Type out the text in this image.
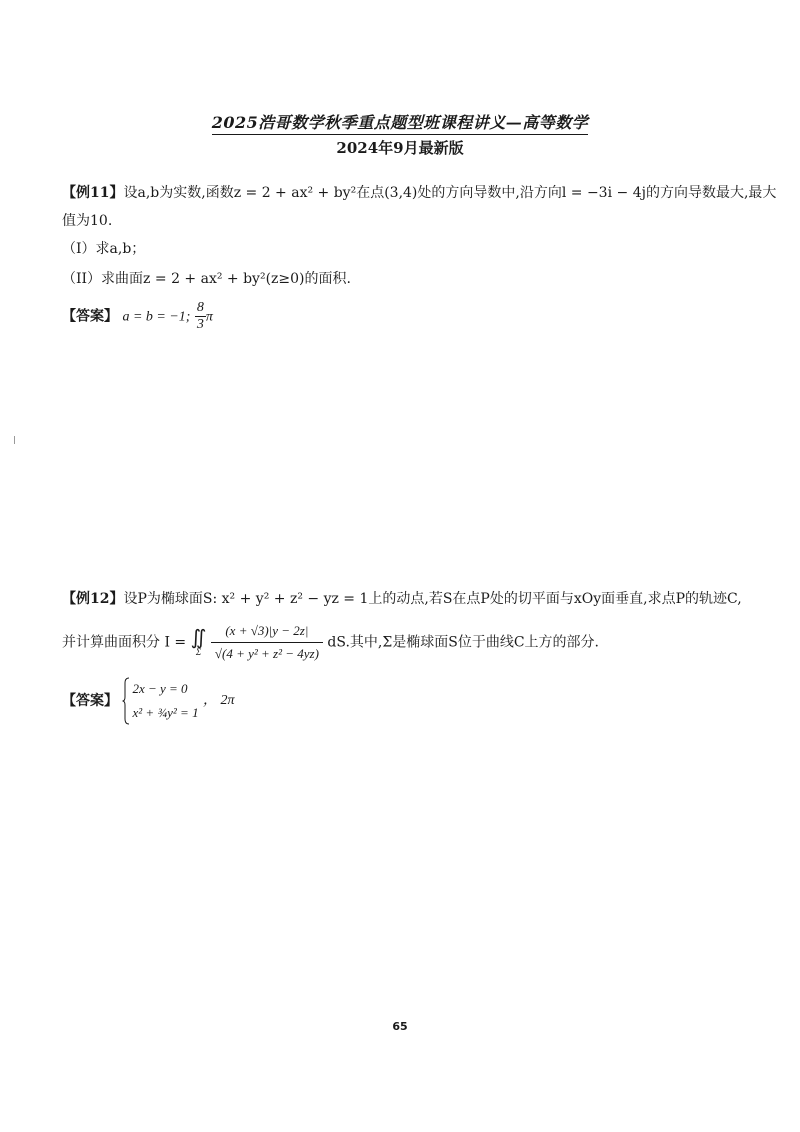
2025浩哥数学秋季重点题型班课程讲义—高等数学
2024年9月最新版
【例11】设a,b为实数,函数z = 2 + ax² + by²在点(3,4)处的方向导数中,沿方向l = −3i − 4j的方向导数最大,最大
值为10.
（I）求a,b；
（II）求曲面z = 2 + ax² + by²(z≥0)的面积.
【答案】 a = b = −1; $\frac{8}{3}$ π
【例12】设P为椭球面S: x² + y² + z² − yz = 1上的动点,若S在点P处的切平面与xOy面垂直,求点P的轨迹C,
并计算曲面积分 I = ∬
Σ
$\frac{(x + √3)|y - 2z|}{\text{√(4 + y² + z² − 4yz)}}$ dS.其中,Σ是椭球面S位于曲线C上方的部分.
【答案】
2x − y = 0
x² + ¾y² = 1
， 2π
65
